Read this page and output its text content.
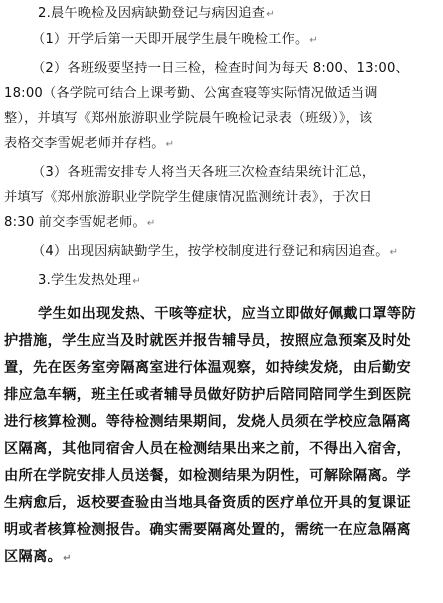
2.晨午晚检及因病缺勤登记与病因追查↵
（1）开学后第一天即开展学生晨午晚检工作。↵
（2）各班级要坚持一日三检，检查时间为每天 8:00、13:00、
18:00（各学院可结合上课考勤、公寓查寝等实际情况做适当调
整），并填写《郑州旅游职业学院晨午晚检记录表（班级）》，该
表格交李雪妮老师并存档。↵
（3）各班需安排专人将当天各班三次检查结果统计汇总，
并填写《郑州旅游职业学院学生健康情况监测统计表》，于次日
8:30 前交李雪妮老师。↵
（4）出现因病缺勤学生，按学校制度进行登记和病因追查。↵
3.学生发热处理↵
学生如出现发热、干咳等症状，应当立即做好佩戴口罩等防
护措施，学生应当及时就医并报告辅导员，按照应急预案及时处
置，先在医务室旁隔离室进行体温观察，如持续发烧，由后勤安
排应急车辆，班主任或者辅导员做好防护后陪同陪同学生到医院
进行核算检测。等待检测结果期间，发烧人员须在学校应急隔离
区隔离，其他同宿舍人员在检测结果出来之前，不得出入宿舍，
由所在学院安排人员送餐，如检测结果为阴性，可解除隔离。学
生病愈后，返校要查验由当地具备资质的医疗单位开具的复课证
明或者核算检测报告。确实需要隔离处置的，需统一在应急隔离
区隔离。↵
